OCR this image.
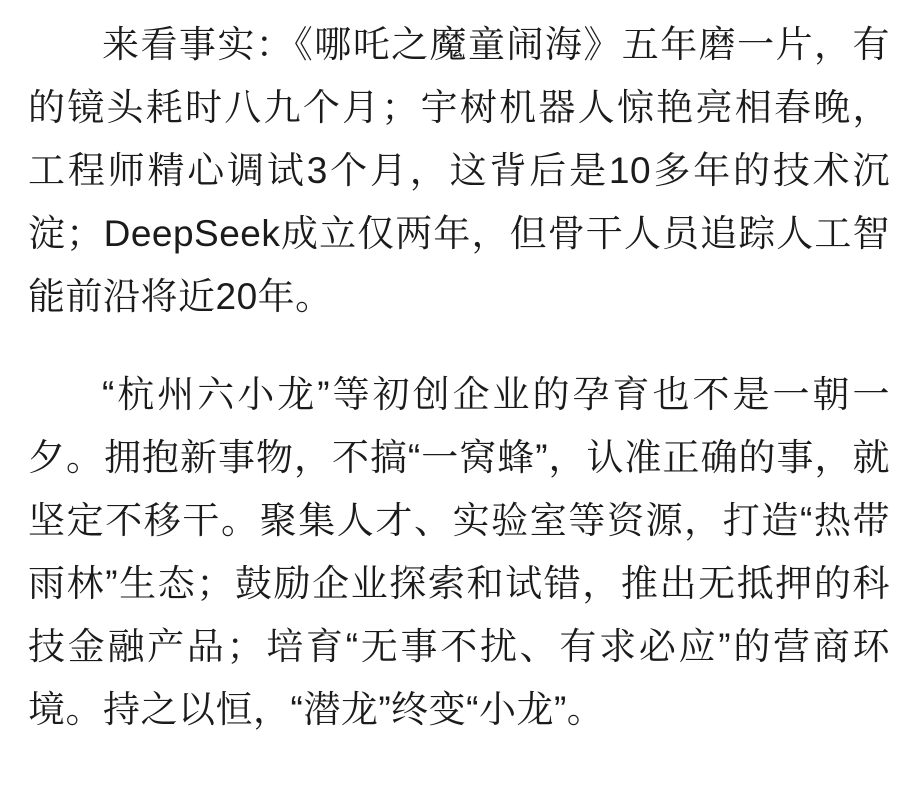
来看事实：《哪吒之魔童闹海》五年磨一片，有的镜头耗时八九个月；宇树机器人惊艳亮相春晚，工程师精心调试3个月，这背后是10多年的技术沉淀；DeepSeek成立仅两年，但骨干人员追踪人工智能前沿将近20年。

“杭州六小龙”等初创企业的孕育也不是一朝一夕。拥抱新事物，不搞“一窝蜂”，认准正确的事，就坚定不移干。聚集人才、实验室等资源，打造“热带雨林”生态；鼓励企业探索和试错，推出无抵押的科技金融产品；培育“无事不扰、有求必应”的营商环境。持之以恒，“潜龙”终变“小龙”。
